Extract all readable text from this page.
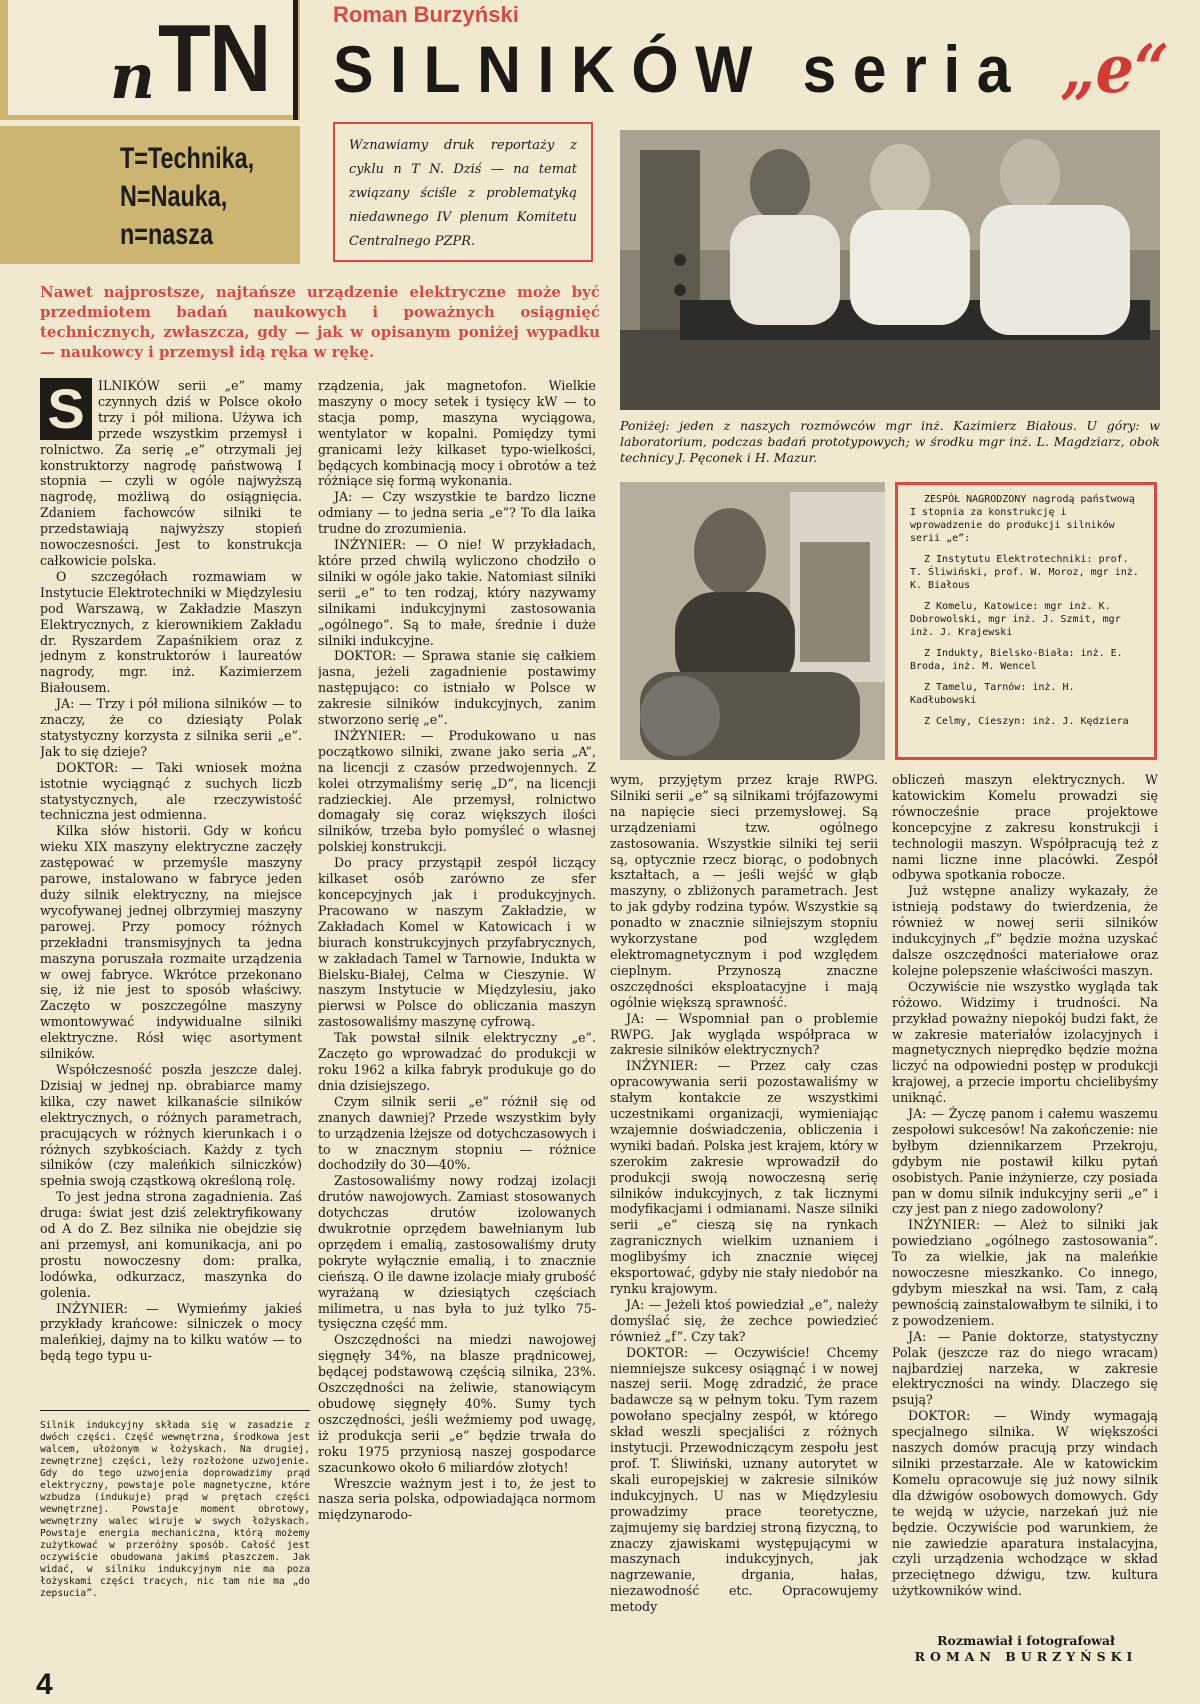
n TN	Roman Burzyński
SILNIKÓW seria „e“
T=Technika,
N=Nauka,
n=nasza
Wznawiamy druk reportaży z cyklu n T N. Dziś — na temat związany ściśle z problematyką niedawnego IV plenum Komitetu Centralnego PZPR.
Nawet najprostsze, najtańsze urządzenie elektryczne może być przedmiotem badań naukowych i poważnych osiągnięć technicznych, zwłaszcza, gdy — jak w opisanym poniżej wypadku — naukowcy i przemysł idą ręka w rękę.
Poniżej: jeden z naszych rozmówców mgr inż. Kazimierz Białous. U góry: w laboratorium, podczas badań prototypowych; w środku mgr inż. L. Magdziarz, obok technicy J. Pęconek i H. Mazur.

ZESPÓŁ NAGRODZONY nagrodą państwową I stopnia za konstrukcję i wprowadzenie do produkcji silników serii „e”:

Z Instytutu Elektrotechniki: prof. T. Śliwiński, prof. W. Moroz, mgr inż. K. Białous

Z Komelu, Katowice: mgr inż. K. Dobrowolski, mgr inż. J. Szmit, mgr inż. J. Krajewski

Z Indukty, Bielsko-Biała: inż. E. Broda, inż. M. Wencel

Z Tamelu, Tarnów: inż. H. Kadłubowski

Z Celmy, Cieszyn: inż. J. Kędziera

S	ILNIKÓW serii „e” mamy czynnych dziś w Polsce około trzy i pół miliona. Używa ich przede wszystkim przemysł i rolnictwo. Za serię „e” otrzymali jej konstruktorzy nagrodę państwową I stopnia — czyli w ogóle najwyższą nagrodę, możliwą do osiągnięcia. Zdaniem fachowców silniki te przedstawiają najwyższy stopień nowoczesności. Jest to konstrukcja całkowicie polska.

O szczegółach rozmawiam w Instytucie Elektrotechniki w Międzylesiu pod Warszawą, w Zakładzie Maszyn Elektrycznych, z kierownikiem Zakładu dr. Ryszardem Zapaśnikiem oraz z jednym z konstruktorów i laureatów nagrody, mgr. inż. Kazimierzem Białousem.

JA: — Trzy i pół miliona silników — to znaczy, że co dziesiąty Polak statystyczny korzysta z silnika serii „e”. Jak to się dzieje?

DOKTOR: — Taki wniosek można istotnie wyciągnąć z suchych liczb statystycznych, ale rzeczywistość techniczna jest odmienna.

Kilka słów historii. Gdy w końcu wieku XIX maszyny elektryczne zaczęły zastępować w przemyśle maszyny parowe, instalowano w fabryce jeden duży silnik elektryczny, na miejsce wycofywanej jednej olbrzymiej maszyny parowej. Przy pomocy różnych przekładni transmisyjnych ta jedna maszyna poruszała rozmaite urządzenia w owej fabryce. Wkrótce przekonano się, iż nie jest to sposób właściwy. Zaczęto w poszczególne maszyny wmontowywać indywidualne silniki elektryczne. Rósł więc asortyment silników.

Współczesność poszła jeszcze dalej. Dzisiaj w jednej np. obrabiarce mamy kilka, czy nawet kilkanaście silników elektrycznych, o różnych parametrach, pracujących w różnych kierunkach i o różnych szybkościach. Każdy z tych silników (czy maleńkich silniczków) spełnia swoją cząstkową określoną rolę.

To jest jedna strona zagadnienia. Zaś druga: świat jest dziś zelektryfikowany od A do Z. Bez silnika nie obejdzie się ani przemysł, ani komunikacja, ani po prostu nowoczesny dom: pralka, lodówka, odkurzacz, maszynka do golenia.

INŻYNIER: — Wymieńmy jakieś przykłady krańcowe: silniczek o mocy maleńkiej, dajmy na to kilku watów — to będą tego typu u-

Silnik indukcyjny składa się w zasadzie z dwóch części. Część wewnętrzna, środkowa jest walcem, ułożonym w łożyskach. Na drugiej, zewnętrznej części, leży rozłożone uzwojenie. Gdy do tego uzwojenia doprowadzimy prąd elektryczny, powstaje pole magnetyczne, które wzbudza (indukuje) prąd w prętach części wewnętrznej. Powstaje moment obrotowy, wewnętrzny walec wiruje w swych łożyskach. Powstaje energia mechaniczna, którą możemy zużytkować w przeróżny sposób. Całość jest oczywiście obudowana jakimś płaszczem. Jak widać, w silniku indukcyjnym nie ma poza łożyskami części tracych, nic tam nie ma „do zepsucia”.

rządzenia, jak magnetofon. Wielkie maszyny o mocy setek i tysięcy kW — to stacja pomp, maszyna wyciągowa, wentylator w kopalni. Pomiędzy tymi granicami leży kilkaset typo-wielkości, będących kombinacją mocy i obrotów a też różniące się formą wykonania.

JA: — Czy wszystkie te bardzo liczne odmiany — to jedna seria „e”? To dla laika trudne do zrozumienia.

INŻYNIER: — O nie! W przykładach, które przed chwilą wyliczono chodziło o silniki w ogóle jako takie. Natomiast silniki serii „e” to ten rodzaj, który nazywamy silnikami indukcyjnymi zastosowania „ogólnego”. Są to małe, średnie i duże silniki indukcyjne.

DOKTOR: — Sprawa stanie się całkiem jasna, jeżeli zagadnienie postawimy następująco: co istniało w Polsce w zakresie silników indukcyjnych, zanim stworzono serię „e”.

INŻYNIER: — Produkowano u nas początkowo silniki, zwane jako seria „A”, na licencji z czasów przedwojennych. Z kolei otrzymaliśmy serię „D”, na licencji radzieckiej. Ale przemysł, rolnictwo domagały się coraz większych ilości silników, trzeba było pomyśleć o własnej polskiej konstrukcji.

Do pracy przystąpił zespół liczący kilkaset osób zarówno ze sfer koncepcyjnych jak i produkcyjnych. Pracowano w naszym Zakładzie, w Zakładach Komel w Katowicach i w biurach konstrukcyjnych przyfabrycznych, w zakładach Tamel w Tarnowie, Indukta w Bielsku-Białej, Celma w Cieszynie. W naszym Instytucie w Międzylesiu, jako pierwsi w Polsce do obliczania maszyn zastosowaliśmy maszynę cyfrową.

Tak powstał silnik elektryczny „e”. Zaczęto go wprowadzać do produkcji w roku 1962 a kilka fabryk produkuje go do dnia dzisiejszego.

Czym silnik serii „e” różnił się od znanych dawniej? Przede wszystkim były to urządzenia lżejsze od dotychczasowych i to w znacznym stopniu — różnice dochodziły do 30—40%.

Zastosowaliśmy nowy rodzaj izolacji drutów nawojowych. Zamiast stosowanych dotychczas drutów izolowanych dwukrotnie oprzędem bawełnianym lub oprzędem i emalią, zastosowaliśmy druty pokryte wyłącznie emalią, i to znacznie cieńszą. O ile dawne izolacje miały grubość wyrażaną w dziesiątych częściach milimetra, u nas była to już tylko 75-tysięczna część mm.

Oszczędności na miedzi nawojowej sięgnęły 34%, na blasze prądnicowej, będącej podstawową częścią silnika, 23%. Oszczędności na żeliwie, stanowiącym obudowę sięgnęły 40%. Sumy tych oszczędności, jeśli weźmiemy pod uwagę, iż produkcja serii „e” będzie trwała do roku 1975 przyniosą naszej gospodarce szacunkowo około 6 miliardów złotych!

Wreszcie ważnym jest i to, że jest to nasza seria polska, odpowiadająca normom międzynarodo-

wym, przyjętym przez kraje RWPG. Silniki serii „e” są silnikami trójfazowymi na napięcie sieci przemysłowej. Są urządzeniami tzw. ogólnego zastosowania. Wszystkie silniki tej serii są, optycznie rzecz biorąc, o podobnych kształtach, a — jeśli wejść w głąb maszyny, o zbliżonych parametrach. Jest to jak gdyby rodzina typów. Wszystkie są ponadto w znacznie silniejszym stopniu wykorzystane pod względem elektromagnetycznym i pod względem cieplnym. Przynoszą znaczne oszczędności eksploatacyjne i mają ogólnie większą sprawność.

JA: — Wspomniał pan o problemie RWPG. Jak wygląda współpraca w zakresie silników elektrycznych?

INŻYNIER: — Przez cały czas opracowywania serii pozostawaliśmy w stałym kontakcie ze wszystkimi uczestnikami organizacji, wymieniając wzajemnie doświadczenia, obliczenia i wyniki badań. Polska jest krajem, który w szerokim zakresie wprowadził do produkcji swoją nowoczesną serię silników indukcyjnych, z tak licznymi modyfikacjami i odmianami. Nasze silniki serii „e” cieszą się na rynkach zagranicznych wielkim uznaniem i moglibyśmy ich znacznie więcej eksportować, gdyby nie stały niedobór na rynku krajowym.

JA: — Jeżeli ktoś powiedział „e”, należy domyślać się, że zechce powiedzieć również „f”. Czy tak?

DOKTOR: — Oczywiście! Chcemy niemniejsze sukcesy osiągnąć i w nowej naszej serii. Mogę zdradzić, że prace badawcze są w pełnym toku. Tym razem powołano specjalny zespół, w którego skład weszli specjaliści z różnych instytucji. Przewodniczącym zespołu jest prof. T. Śliwiński, uznany autorytet w skali europejskiej w zakresie silników indukcyjnych. U nas w Międzylesiu prowadzimy prace teoretyczne, zajmujemy się bardziej stroną fizyczną, to znaczy zjawiskami występującymi w maszynach indukcyjnych, jak nagrzewanie, drgania, hałas, niezawodność etc. Opracowujemy metody

obliczeń maszyn elektrycznych. W katowickim Komelu prowadzi się równocześnie prace projektowe koncepcyjne z zakresu konstrukcji i technologii maszyn. Współpracują też z nami liczne inne placówki. Zespół odbywa spotkania robocze.

Już wstępne analizy wykazały, że istnieją podstawy do twierdzenia, że również w nowej serii silników indukcyjnych „f” będzie można uzyskać dalsze oszczędności materiałowe oraz kolejne polepszenie właściwości maszyn.

Oczywiście nie wszystko wygląda tak różowo. Widzimy i trudności. Na przykład poważny niepokój budzi fakt, że w zakresie materiałów izolacyjnych i magnetycznych nieprędko będzie można liczyć na odpowiedni postęp w produkcji krajowej, a przecie importu chcielibyśmy uniknąć.

JA: — Życzę panom i całemu waszemu zespołowi sukcesów! Na zakończenie: nie byłbym dziennikarzem Przekroju, gdybym nie postawił kilku pytań osobistych. Panie inżynierze, czy posiada pan w domu silnik indukcyjny serii „e” i czy jest pan z niego zadowolony?

INŻYNIER: — Ależ to silniki jak powiedziano „ogólnego zastosowania”. To za wielkie, jak na maleńkie nowoczesne mieszkanko. Co innego, gdybym mieszkał na wsi. Tam, z całą pewnością zainstalowałbym te silniki, i to z powodzeniem.

JA: — Panie doktorze, statystyczny Polak (jeszcze raz do niego wracam) najbardziej narzeka, w zakresie elektryczności na windy. Dlaczego się psują?

DOKTOR: — Windy wymagają specjalnego silnika. W większości naszych domów pracują przy windach silniki przestarzałe. Ale w katowickim Komelu opracowuje się już nowy silnik dla dźwigów osobowych domowych. Gdy te wejdą w użycie, narzekań już nie będzie. Oczywiście pod warunkiem, że nie zawiedzie aparatura instalacyjna, czyli urządzenia wchodzące w skład przeciętnego dźwigu, tzw. kultura użytkowników wind.

Rozmawiał i fotografował
ROMAN BURZYŃSKI
4
